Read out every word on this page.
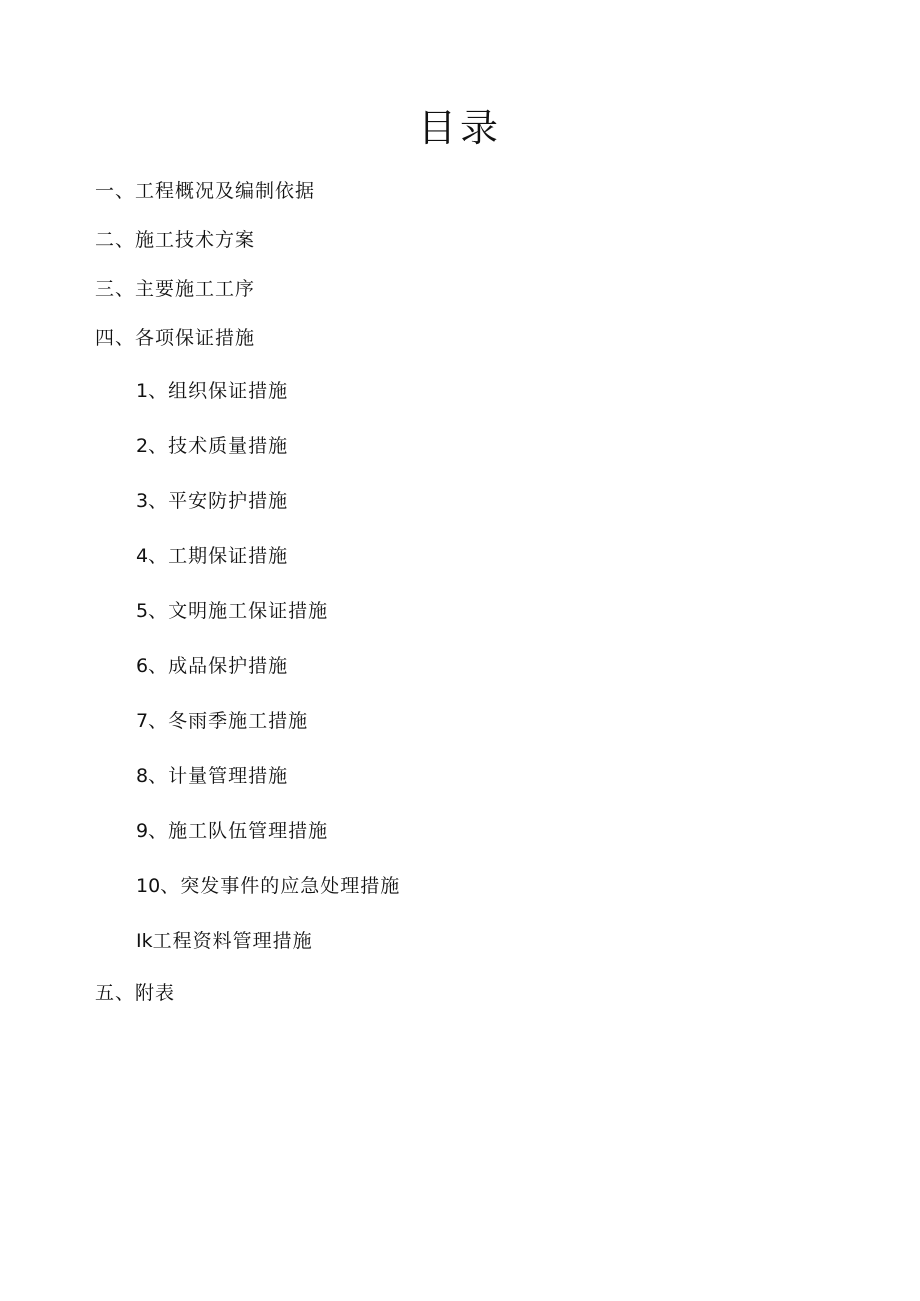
目录
一、工程概况及编制依据
二、施工技术方案
三、主要施工工序
四、各项保证措施
1、组织保证措施
2、技术质量措施
3、平安防护措施
4、工期保证措施
5、文明施工保证措施
6、成品保护措施
7、冬雨季施工措施
8、计量管理措施
9、施工队伍管理措施
10、突发事件的应急处理措施
Ik工程资料管理措施
五、附表
